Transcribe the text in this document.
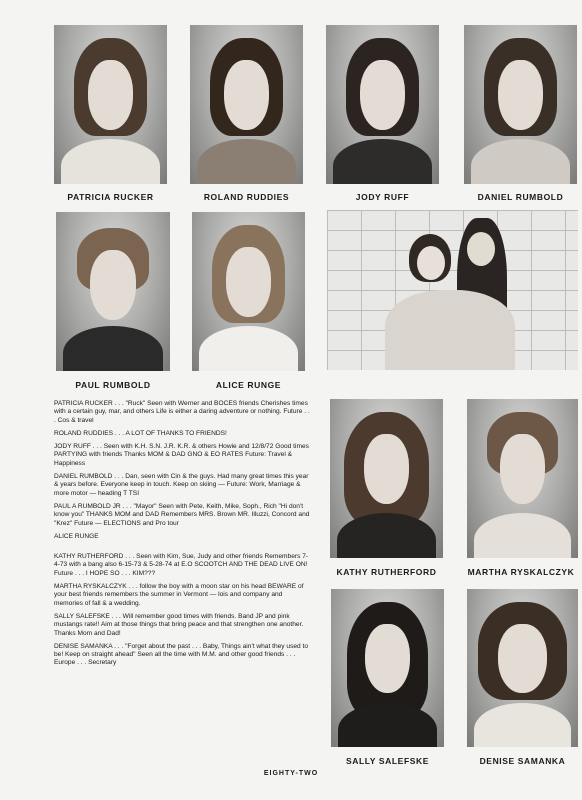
PATRICIA RUCKER	ROLAND RUDDIES	JODY RUFF	DANIEL RUMBOLD
PAUL RUMBOLD	ALICE RUNGE

PATRICIA RUCKER . . . "Ruck" Seen with Werner and BOCES friends Cherishes times with a certain guy, mar, and others Life is either a daring adventure or nothing. Future . . . Cos & travel

ROLAND RUDDIES . . . A LOT OF THANKS TO FRIENDS!

JODY RUFF . . . Seen with K.H. S.N. J.R. K.R. & others Howie and 12/8/72 Good times PARTYING with friends Thanks MOM & DAD GNO & EO RATES Future: Travel & Happiness

DANIEL RUMBOLD . . . Dan, seen with Cin & the guys. Had many great times this year & years before. Everyone keep in touch. Keep on skiing — Future: Work, Marriage & more motor — heading T TSI

PAUL A RUMBOLD JR . . . "Mayor" Seen with Pete, Keith, Mike, Soph., Rich "Hi don't know you" THANKS MOM and DAD Remembers MRS. Brown MR. Illuzzi, Concord and "Krez" Future — ELECTIONS and Pro tour

ALICE RUNGE

KATHY RUTHERFORD . . . Seen with Kim, Sue, Judy and other friends Remembers 7-4-73 with a bang also 6-15-73 & 5-28-74 at E.O SCOOTCH AND THE DEAD LIVE ON! Future . . . I HOPE SO . . . KIM???

MARTHA RYSKALCZYK . . . follow the boy with a moon star on his head BEWARE of your best friends remembers the summer in Vermont — lois and company and memories of fall & a wedding.

SALLY SALEFSKE . . . Will remember good times with friends. Band JP and pink mustangs rate!! Aim at those things that bring peace and that strengthen one another. Thanks Mom and Dad!

DENISE SAMANKA . . . "Forget about the past . . . Baby, Things ain't what they used to be! Keep on straight ahead" Seen all the time with M.M. and other good friends . . . Europe . . . Secretary

KATHY RUTHERFORD	MARTHA RYSKALCZYK
SALLY SALEFSKE	DENISE SAMANKA
EIGHTY-TWO
